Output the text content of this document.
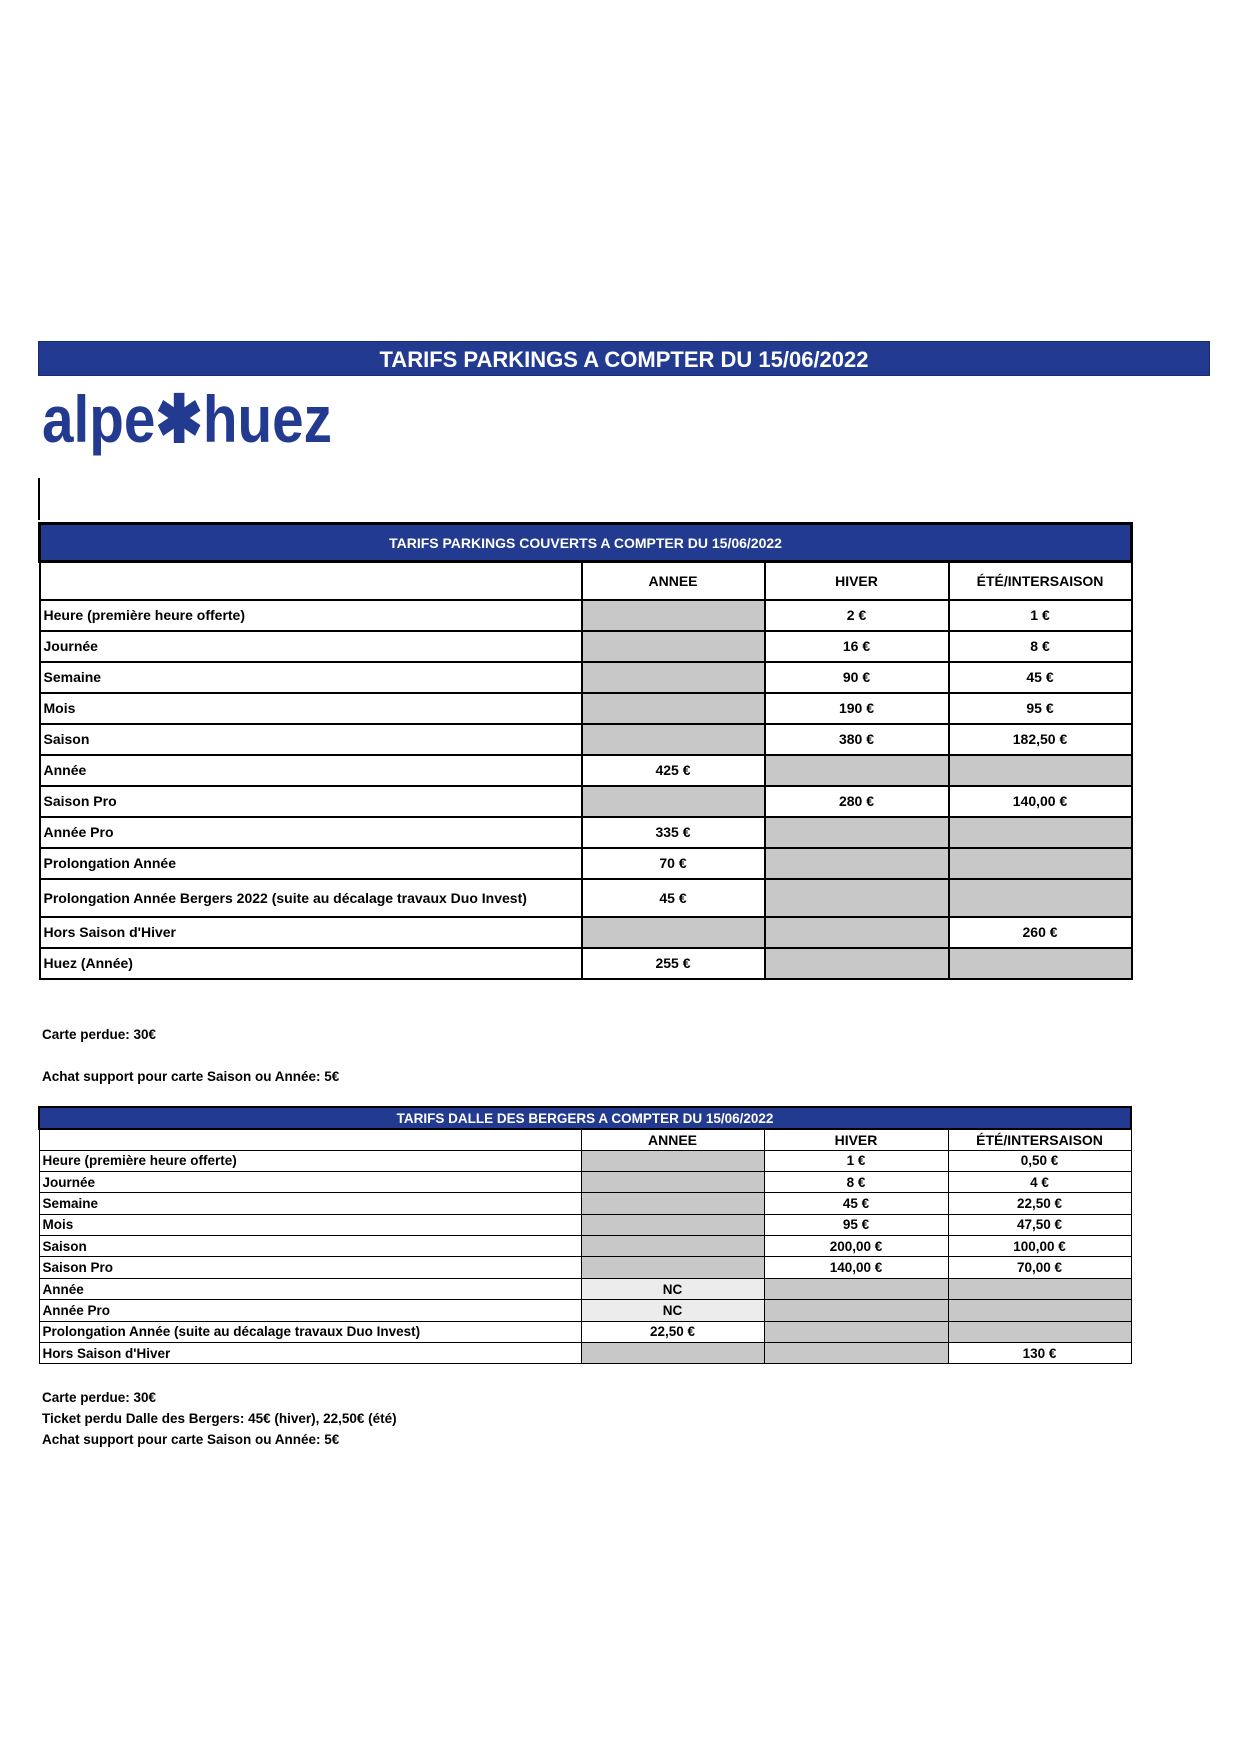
TARIFS PARKINGS A COMPTER DU 15/06/2022
alpe✱huez
TARIFS PARKINGS COUVERTS A COMPTER DU 15/06/2022			
	ANNEE	HIVER	ÉTÉ/INTERSAISON
Heure (première heure offerte)		2 €	1 €
Journée		16 €	8 €
Semaine		90 €	45 €
Mois		190 €	95 €
Saison		380 €	182,50 €
Année	425 €		
Saison Pro		280 €	140,00 €
Année Pro	335 €		
Prolongation Année	70 €		
Prolongation Année Bergers 2022 (suite au décalage travaux Duo Invest)	45 €		
Hors Saison d'Hiver			260 €
Huez (Année)	255 €		
Carte perdue: 30€
Achat support pour carte Saison ou Année: 5€
TARIFS DALLE DES BERGERS A COMPTER DU 15/06/2022			
	ANNEE	HIVER	ÉTÉ/INTERSAISON
Heure (première heure offerte)		1 €	0,50 €
Journée		8 €	4 €
Semaine		45 €	22,50 €
Mois		95 €	47,50 €
Saison		200,00 €	100,00 €
Saison Pro		140,00 €	70,00 €
Année	NC		
Année Pro	NC		
Prolongation Année (suite au décalage travaux Duo Invest)	22,50 €		
Hors Saison d'Hiver			130 €
Carte perdue: 30€
Ticket perdu Dalle des Bergers: 45€ (hiver), 22,50€ (été)
Achat support pour carte Saison ou Année: 5€
